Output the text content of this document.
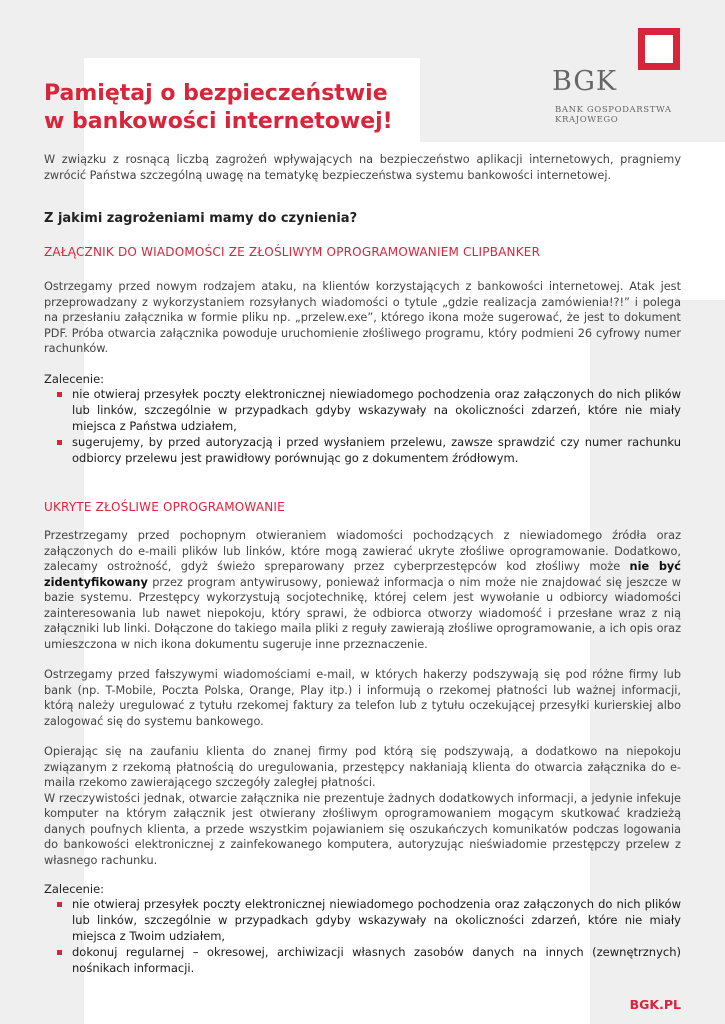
Pamiętaj o bezpieczeństwie
w bankowości internetowej!
BGK
BANK GOSPODARSTWA
KRAJOWEGO

W związku z rosnącą liczbą zagrożeń wpływających na bezpieczeństwo aplikacji internetowych, pragniemy zwrócić Państwa szczególną uwagę na tematykę bezpieczeństwa systemu bankowości internetowej.

Z jakimi zagrożeniami mamy do czynienia?
ZAŁĄCZNIK DO WIADOMOŚCI ZE ZŁOŚLIWYM OPROGRAMOWANIEM CLIPBANKER

Ostrzegamy przed nowym rodzajem ataku, na klientów korzystających z bankowości internetowej. Atak jest przeprowadzany z wykorzystaniem rozsyłanych wiadomości o tytule „gdzie realizacja zamówienia!?!” i polega na przesłaniu załącznika w formie pliku np. „przelew.exe”, którego ikona może sugerować, że jest to dokument PDF. Próba otwarcia załącznika powoduje uruchomienie złośliwego programu, który podmieni 26 cyfrowy numer rachunków.

Zalecenie:

nie otwieraj przesyłek poczty elektronicznej niewiadomego pochodzenia oraz załączonych do nich plików lub linków, szczególnie w przypadkach gdyby wskazywały na okoliczności zdarzeń, które nie miały miejsca z Państwa udziałem,
sugerujemy, by przed autoryzacją i przed wysłaniem przelewu, zawsze sprawdzić czy numer rachunku odbiorcy przelewu jest prawidłowy porównując go z dokumentem źródłowym.
UKRYTE ZŁOŚLIWE OPROGRAMOWANIE

Przestrzegamy przed pochopnym otwieraniem wiadomości pochodzących z niewiadomego źródła oraz załączonych do e-maili plików lub linków, które mogą zawierać ukryte złośliwe oprogramowanie. Dodatkowo, zalecamy ostrożność, gdyż świeżo spreparowany przez cyberprzestępców kod złośliwy może nie być zidentyfikowany przez program antywirusowy, ponieważ informacja o nim może nie znajdować się jeszcze w bazie systemu. Przestępcy wykorzystują socjotechnikę, której celem jest wywołanie u odbiorcy wiadomości zainteresowania lub nawet niepokoju, który sprawi, że odbiorca otworzy wiadomość i przesłane wraz z nią załączniki lub linki. Dołączone do takiego maila pliki z reguły zawierają złośliwe oprogramowanie, a ich opis oraz umieszczona w nich ikona dokumentu sugeruje inne przeznaczenie.

Ostrzegamy przed fałszywymi wiadomościami e-mail, w których hakerzy podszywają się pod różne firmy lub bank (np. T-Mobile, Poczta Polska, Orange, Play itp.) i informują o rzekomej płatności lub ważnej informacji, którą należy uregulować z tytułu rzekomej faktury za telefon lub z tytułu oczekującej przesyłki kurierskiej albo zalogować się do systemu bankowego.

Opierając się na zaufaniu klienta do znanej firmy pod którą się podszywają, a dodatkowo na niepokoju związanym z rzekomą płatnością do uregulowania, przestępcy nakłaniają klienta do otwarcia załącznika do e-maila rzekomo zawierającego szczegóły zaległej płatności.

W rzeczywistości jednak, otwarcie załącznika nie prezentuje żadnych dodatkowych informacji, a jedynie infekuje komputer na którym załącznik jest otwierany złośliwym oprogramowaniem mogącym skutkować kradzieżą danych poufnych klienta, a przede wszystkim pojawianiem się oszukańczych komunikatów podczas logowania do bankowości elektronicznej z zainfekowanego komputera, autoryzując nieświadomie przestępczy przelew z własnego rachunku.

Zalecenie:

nie otwieraj przesyłek poczty elektronicznej niewiadomego pochodzenia oraz załączonych do nich plików lub linków, szczególnie w przypadkach gdyby wskazywały na okoliczności zdarzeń, które nie miały miejsca z Twoim udziałem,
dokonuj regularnej – okresowej, archiwizacji własnych zasobów danych na innych (zewnętrznych) nośnikach informacji.
BGK.PL
